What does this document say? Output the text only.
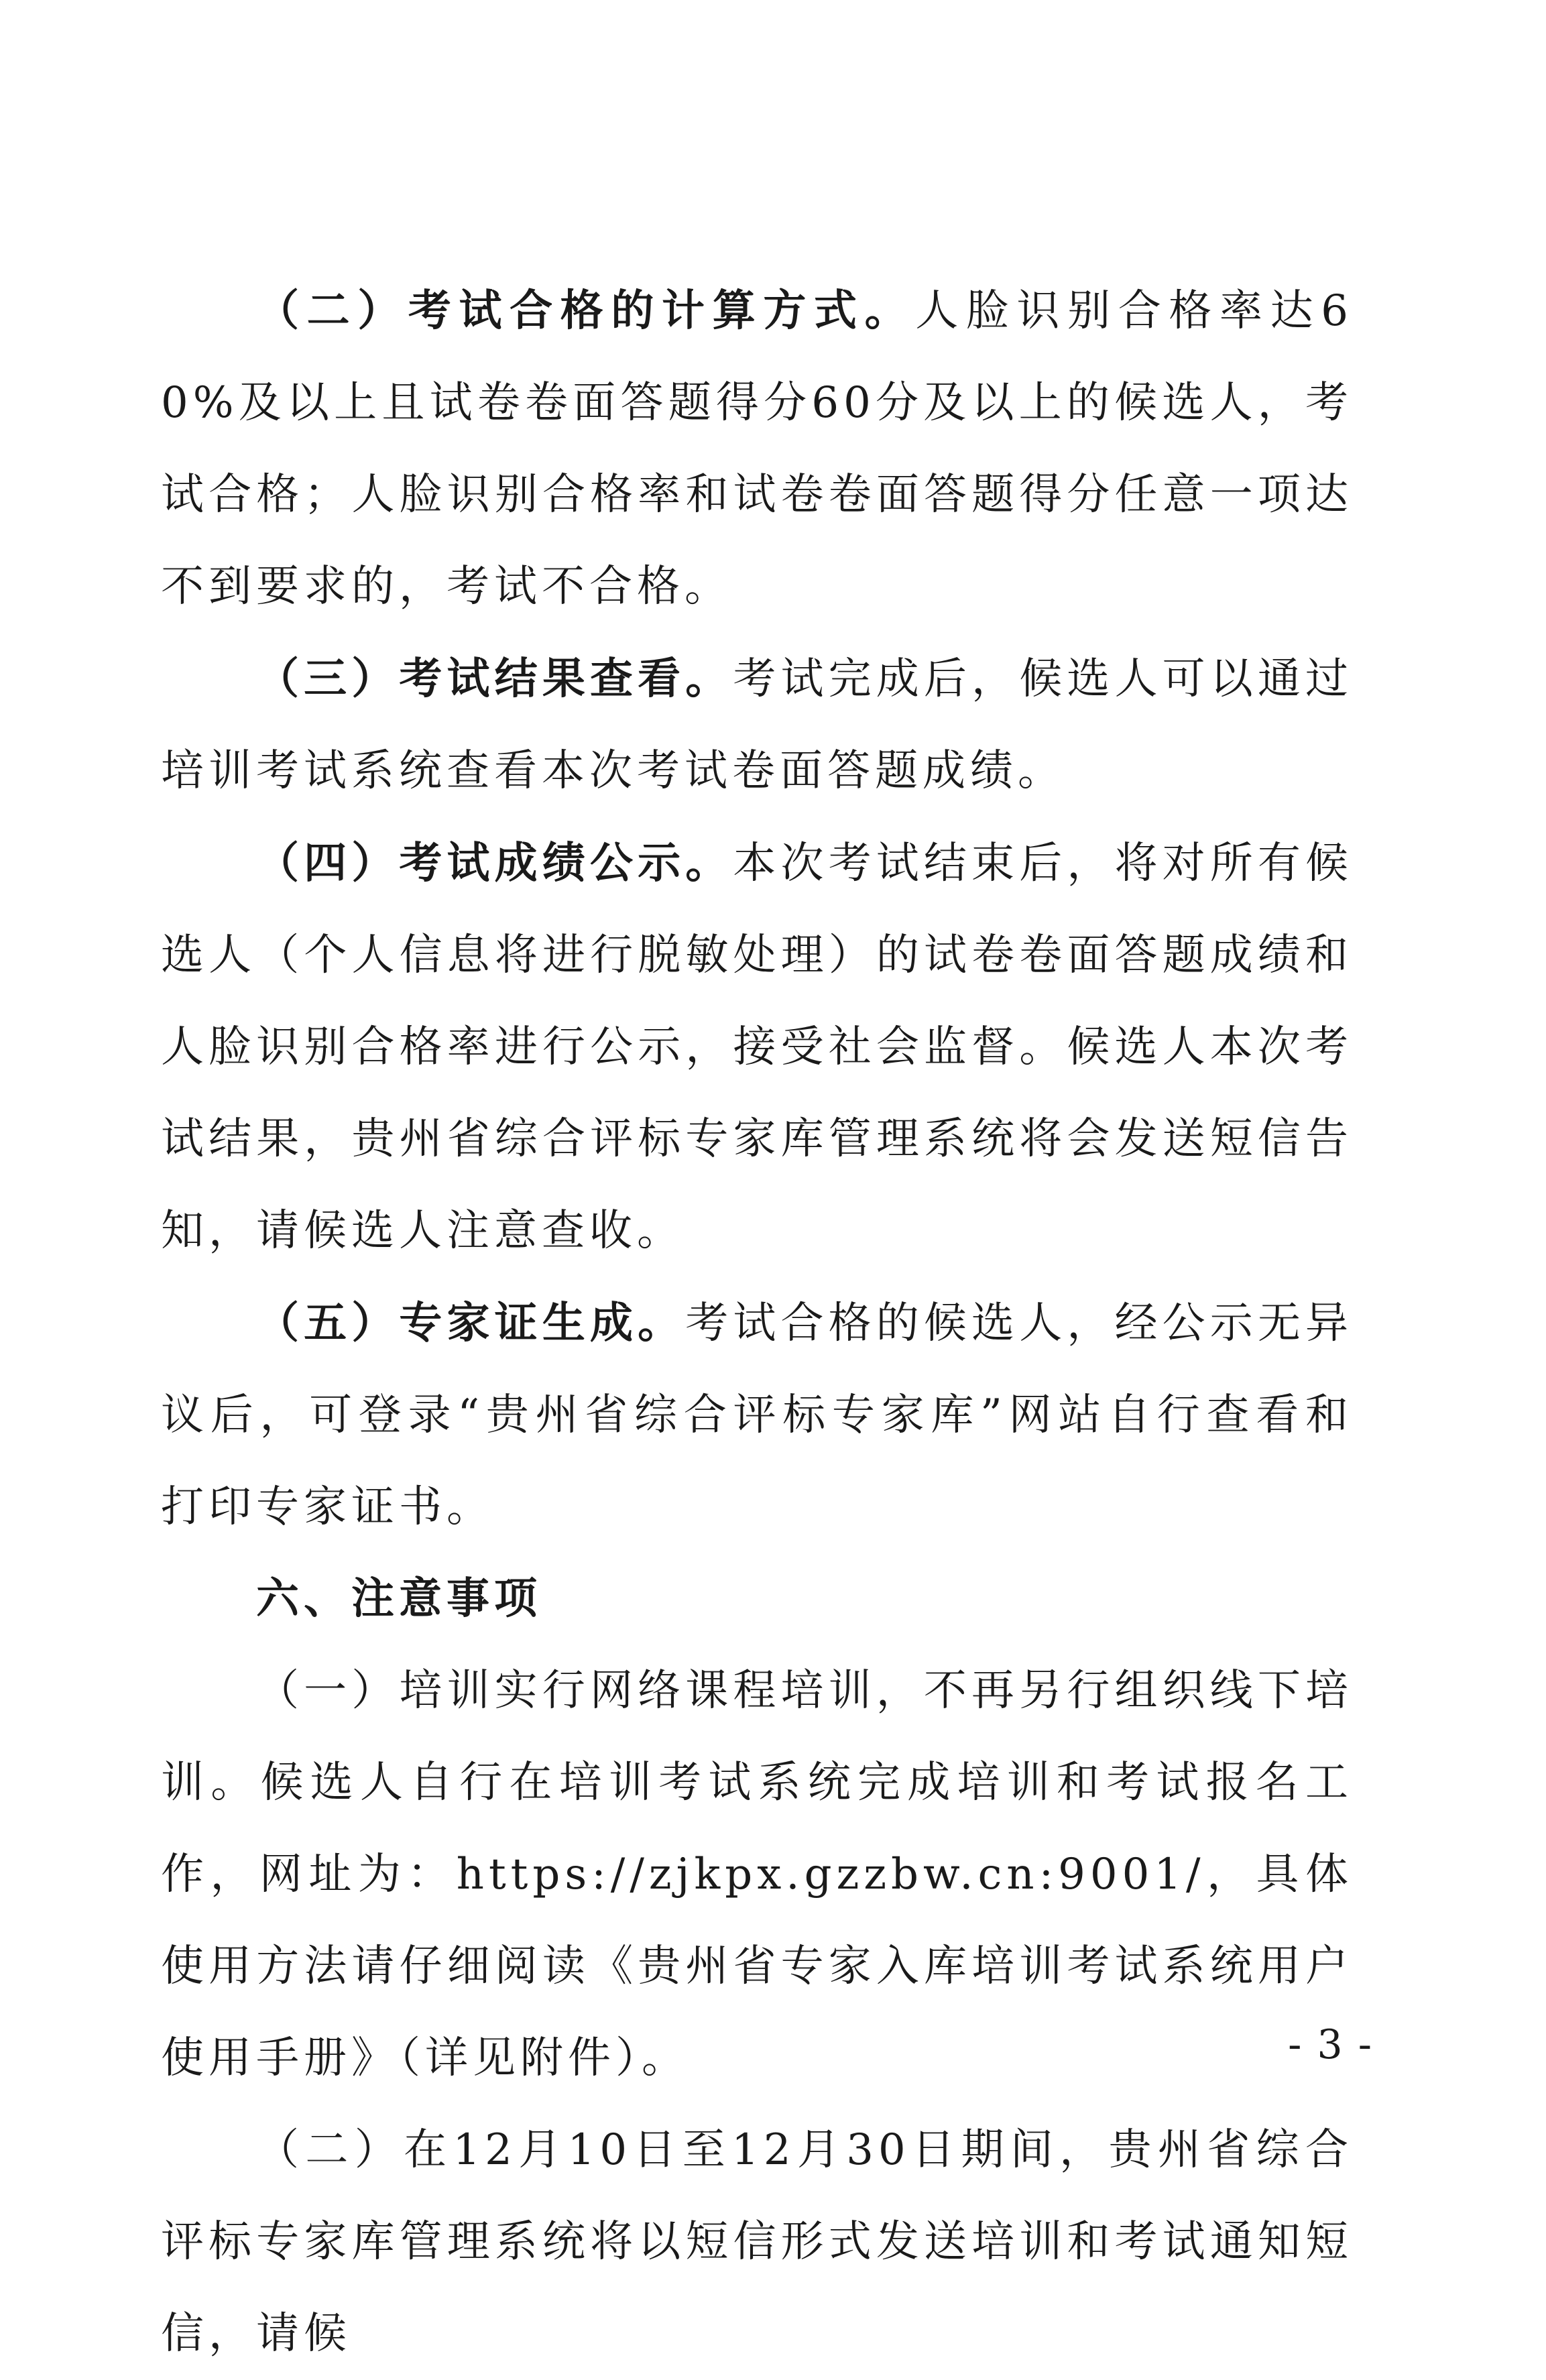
（二）考试合格的计算方式。人脸识别合格率达60%及以上且试卷卷面答题得分60分及以上的候选人，考试合格；人脸识别合格率和试卷卷面答题得分任意一项达不到要求的，考试不合格。

（三）考试结果查看。考试完成后，候选人可以通过培训考试系统查看本次考试卷面答题成绩。

（四）考试成绩公示。本次考试结束后，将对所有候选人（个人信息将进行脱敏处理）的试卷卷面答题成绩和人脸识别合格率进行公示，接受社会监督。候选人本次考试结果，贵州省综合评标专家库管理系统将会发送短信告知，请候选人注意查收。

（五）专家证生成。考试合格的候选人，经公示无异议后，可登录“贵州省综合评标专家库”网站自行查看和打印专家证书。

六、注意事项

（一）培训实行网络课程培训，不再另行组织线下培训。候选人自行在培训考试系统完成培训和考试报名工作，网址为：https://zjkpx.gzzbw.cn:9001/，具体使用方法请仔细阅读《贵州省专家入库培训考试系统用户使用手册》（详见附件）。

（二）在12月10日至12月30日期间，贵州省综合评标专家库管理系统将以短信形式发送培训和考试通知短信，请候

- 3 -
